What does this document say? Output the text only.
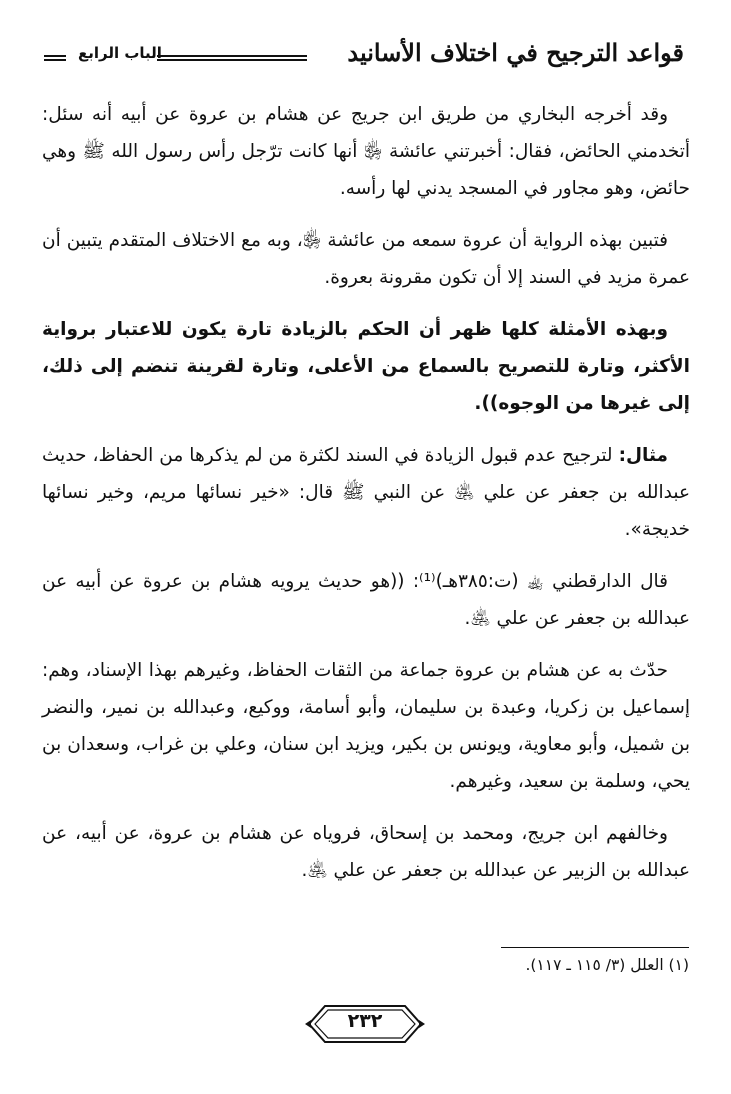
قواعد الترجيح في اختلاف الأسانيد
الباب الرابع

وقد أخرجه البخاري من طريق ابن جريج عن هشام بن عروة عن أبيه أنه سئل: أتخدمني الحائض، فقال: أخبرتني عائشة ﵂ أنها كانت ترّجل رأس رسول الله ﷺ وهي حائض، وهو مجاور في المسجد يدني لها رأسه.

فتبين بهذه الرواية أن عروة سمعه من عائشة ﵂، وبه مع الاختلاف المتقدم يتبين أن عمرة مزيد في السند إلا أن تكون مقرونة بعروة.

وبهذه الأمثلة كلها ظهر أن الحكم بالزيادة تارة يكون للاعتبار برواية الأكثر، وتارة للتصريح بالسماع من الأعلى، وتارة لقرينة تنضم إلى ذلك، إلى غيرها من الوجوه)).

مثال: لترجيح عدم قبول الزيادة في السند لكثرة من لم يذكرها من الحفاظ، حديث عبدالله بن جعفر عن علي ﵁ عن النبي ﷺ قال: «خير نسائها مريم، وخير نسائها خديجة».

قال الدارقطني ﵀ (ت:٣٨٥هـ)⁽¹⁾: ((هو حديث يرويه هشام بن عروة عن أبيه عن عبدالله بن جعفر عن علي ﵁.

حدّث به عن هشام بن عروة جماعة من الثقات الحفاظ، وغيرهم بهذا الإسناد، وهم: إسماعيل بن زكريا، وعبدة بن سليمان، وأبو أسامة، ووكيع، وعبدالله بن نمير، والنضر بن شميل، وأبو معاوية، ويونس بن بكير، ويزيد ابن سنان، وعلي بن غراب، وسعدان بن يحي، وسلمة بن سعيد، وغيرهم.

وخالفهم ابن جريج، ومحمد بن إسحاق، فروياه عن هشام بن عروة، عن أبيه، عن عبدالله بن الزبير عن عبدالله بن جعفر عن علي ﵁.

(١) العلل (٣/ ١١٥ ـ ١١٧).
٢٣٢
